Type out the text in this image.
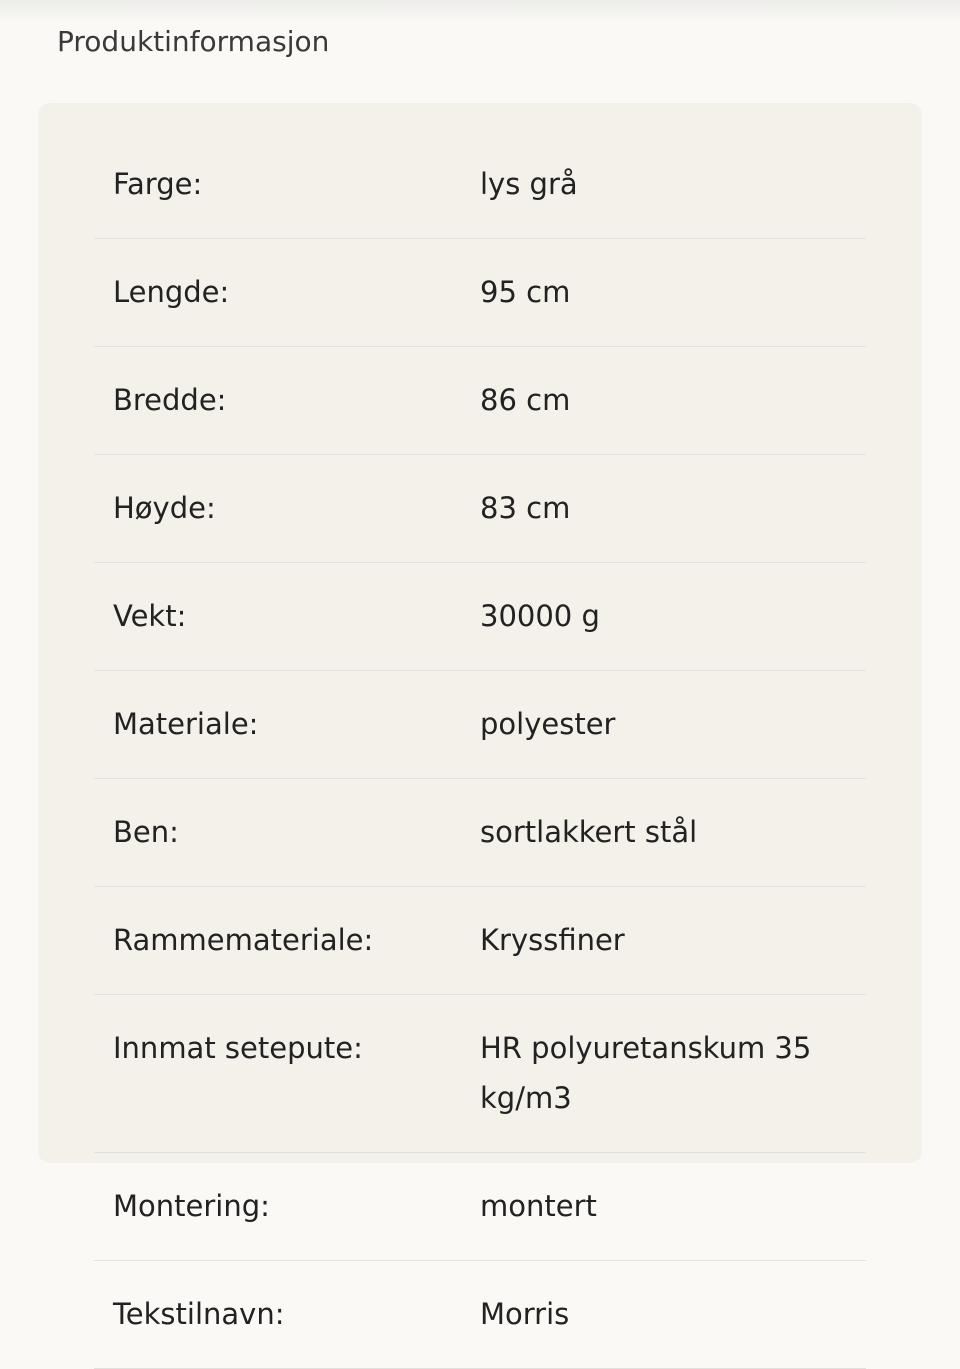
Produktinformasjon
Farge:	lys grå
Lengde:	95 cm
Bredde:	86 cm
Høyde:	83 cm
Vekt:	30000 g
Materiale:	polyester
Ben:	sortlakkert stål
Rammemateriale:	Kryssfiner
Innmat setepute:	HR polyuretanskum 35 kg/m3
Montering:	montert
Tekstilnavn:	Morris
